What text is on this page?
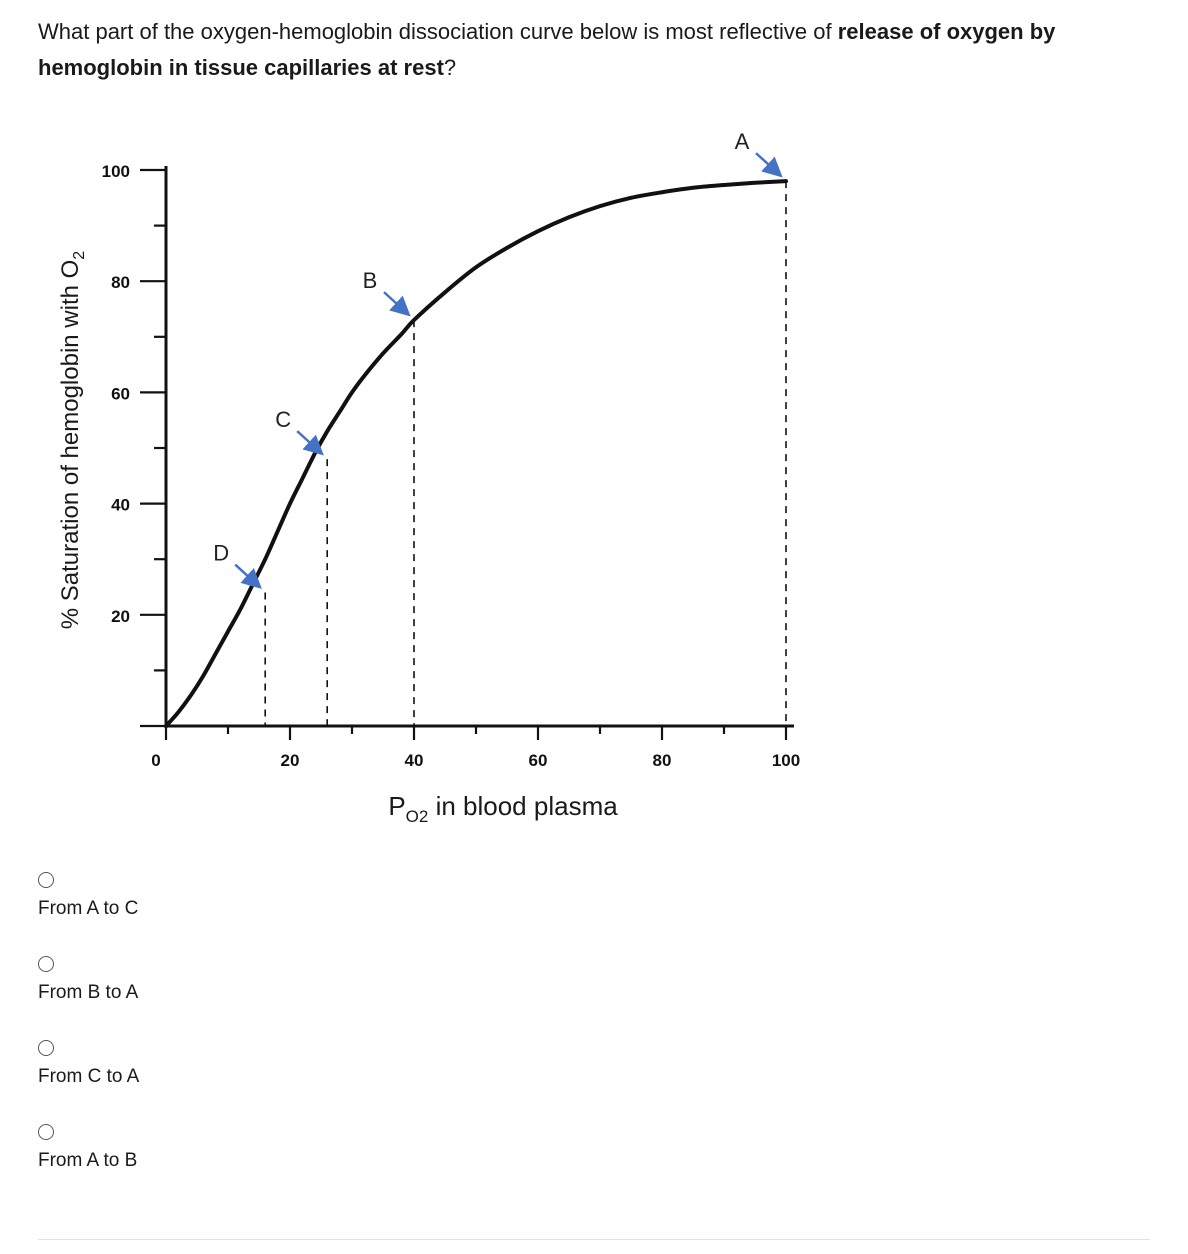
What part of the oxygen-hemoglobin dissociation curve below is most reflective of release of oxygen by hemoglobin in tissue capillaries at rest?
% Saturation of hemoglobin with $O_2$
$P_{O2}$ in blood plasma
100
80
60
40
20
0	20	40	60	80	100
A
B
C
D
From A to C
From B to A
From C to A
From A to B
